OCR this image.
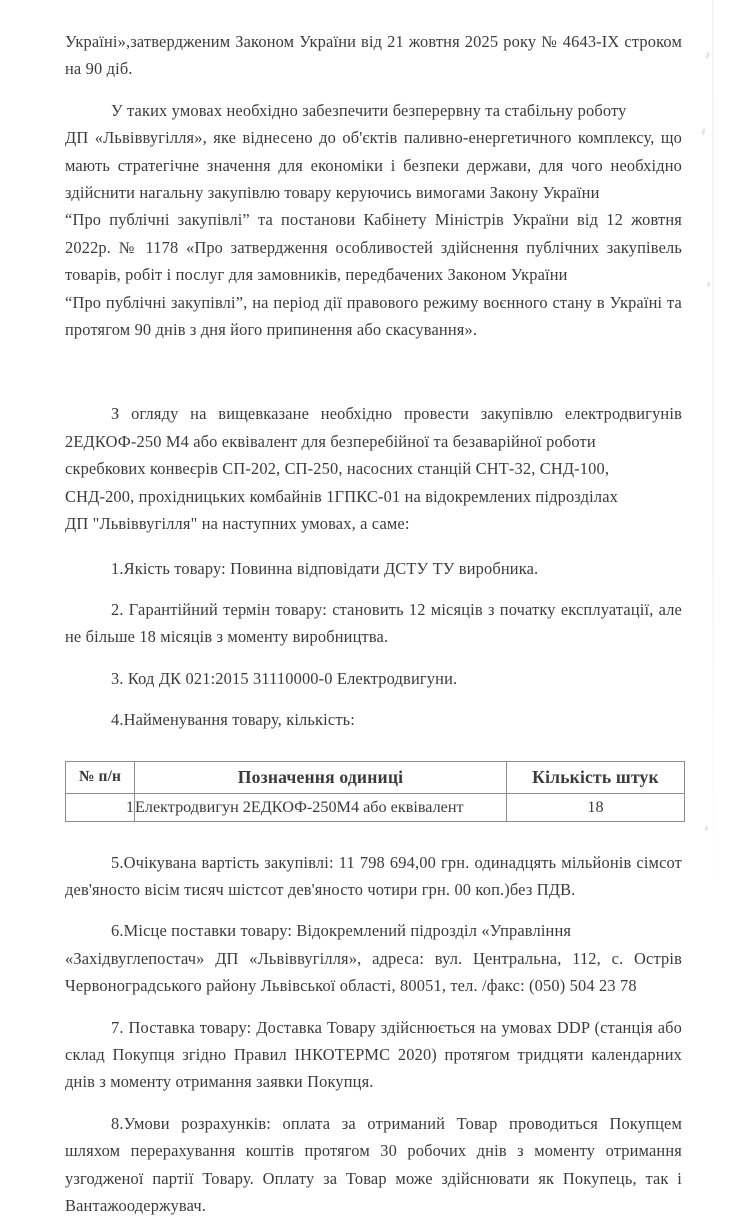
Україні»,затвердженим Законом України від 21 жовтня 2025 року № 4643-ІХ строком на 90 діб.

У таких умовах необхідно забезпечити безперервну та стабільну роботу

ДП «Львіввугілля», яке віднесено до об'єктів паливно-енергетичного комплексу, що мають стратегічне значення для економіки і безпеки держави, для чого необхідно здійснити нагальну закупівлю товару керуючись вимогами Закону України

“Про публічні закупівлі” та постанови Кабінету Міністрів України від 12 жовтня 2022р. № 1178 «Про затвердження особливостей здійснення публічних закупівель товарів, робіт і послуг для замовників, передбачених Законом України

“Про публічні закупівлі”, на період дії правового режиму воєнного стану в Україні та протягом 90 днів з дня його припинення або скасування».

З огляду на вищевказане необхідно провести закупівлю електродвигунів 2ЕДКОФ-250 М4 або еквівалент для безперебійної та безаварійної роботи

скребкових конвеєрів СП-202, СП-250, насосних станцій СНТ-32, СНД-100, СНД-200, прохідницьких комбайнів 1ГПКС-01 на відокремлених підрозділах

ДП "Львіввугілля" на наступних умовах, а саме:

1.Якість товару: Повинна відповідати ДСТУ ТУ виробника.

2. Гарантійний термін товару: становить 12 місяців з початку експлуатації, але не більше 18 місяців з моменту виробництва.

3. Код ДК 021:2015 31110000-0 Електродвигуни.

4.Найменування товару, кількість:

№ п/н	Позначення одиниці	Кількість штук
1	Електродвигун 2ЕДКОФ-250М4 або еквівалент	18

5.Очікувана вартість закупівлі: 11 798 694,00 грн. одинадцять мільйонів сімсот дев'яносто вісім тисяч шістсот дев'яносто чотири грн. 00 коп.)без ПДВ.

6.Місце поставки товару: Відокремлений підрозділ «Управління

«Західвуглепостач» ДП «Львіввугілля», адреса: вул. Центральна, 112, с. Острів Червоноградського району Львівської області, 80051, тел. /факс: (050) 504 23 78

7. Поставка товару: Доставка Товару здійснюється на умовах DDP (станція або склад Покупця згідно Правил ІНКОТЕРМС 2020) протягом тридцяти календарних днів з моменту отримання заявки Покупця.

8.Умови розрахунків: оплата за отриманий Товар проводиться Покупцем шляхом перерахування коштів протягом 30 робочих днів з моменту отримання узгодженої партії Товару. Оплату за Товар може здійснювати як Покупець, так і Вантажоодержувач.
